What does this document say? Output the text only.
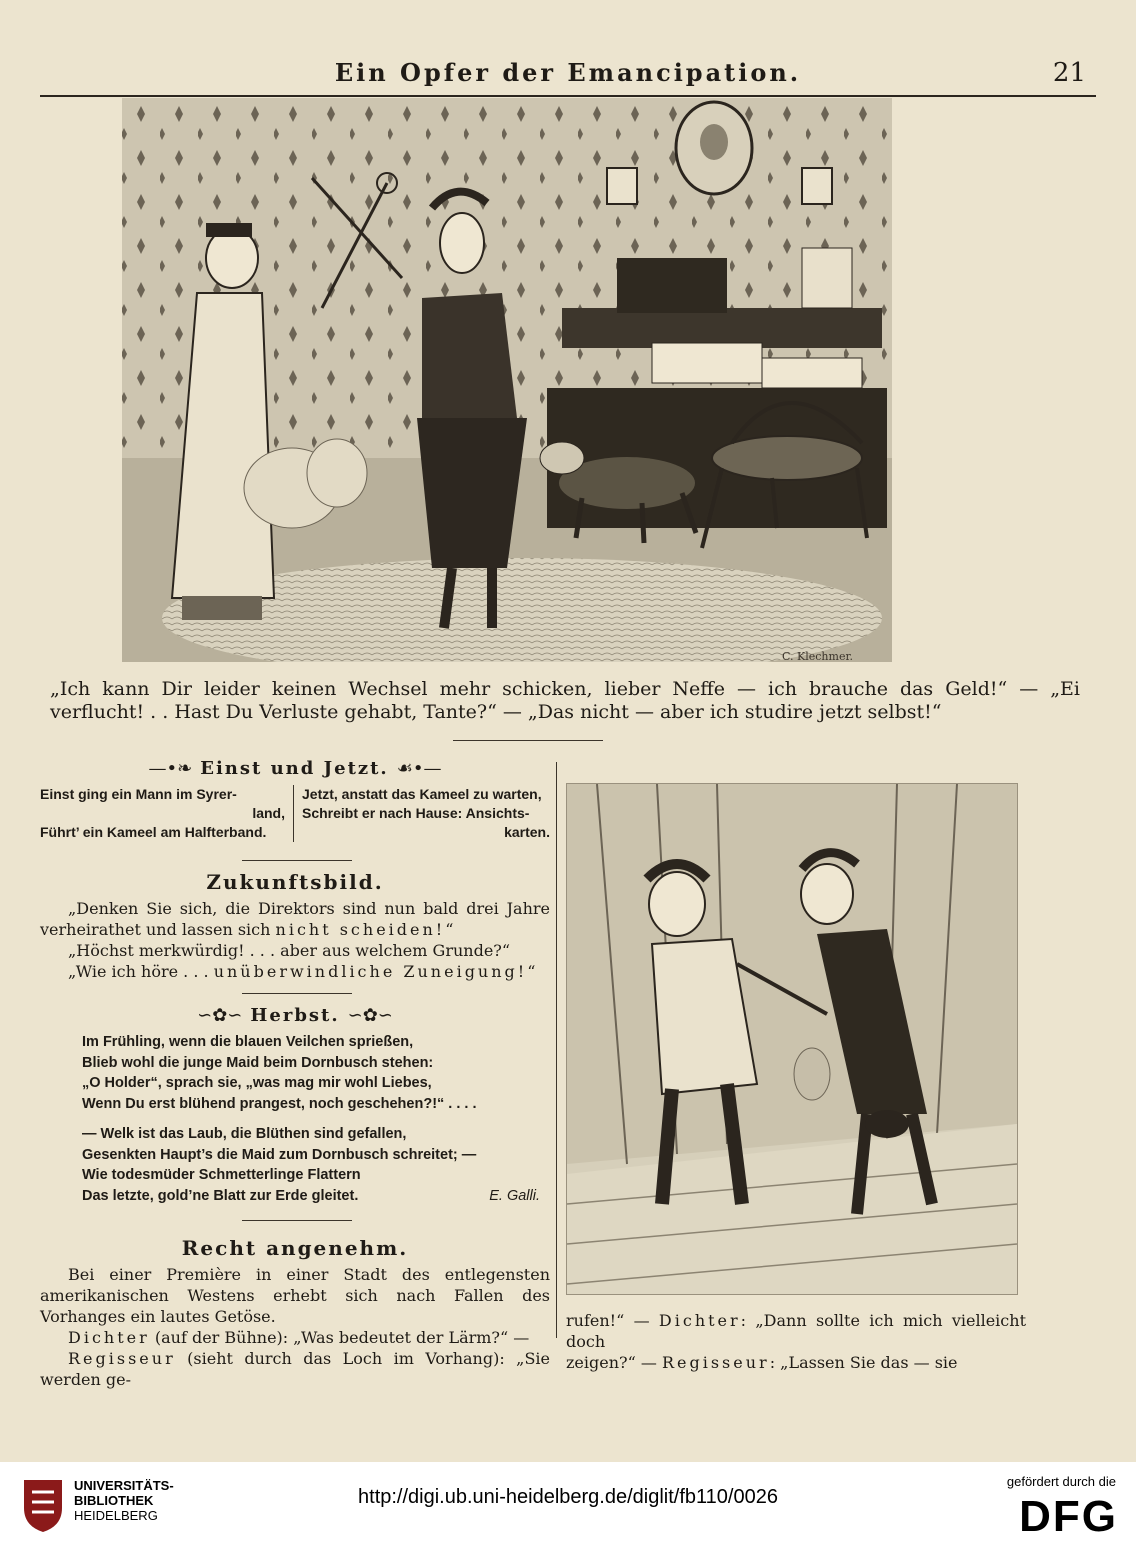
Ein Opfer der Emancipation.	21
C. Klechmer.
„Ich kann Dir leider keinen Wechsel mehr schicken, lieber Neffe — ich brauche das Geld!“ — „Ei verflucht! . . Hast Du Verluste gehabt, Tante?“ — „Das nicht — aber ich studire jetzt selbst!“
—•❧ Einst und Jetzt. ☙•—
Einst ging ein Mann im Syrer-
land,
Führt’ ein Kameel am Halfterband.
Jetzt, anstatt das Kameel zu warten,
Schreibt er nach Hause: Ansichts-
karten.
Zukunftsbild.

„Denken Sie sich, die Direktors sind nun bald drei Jahre verheirathet und lassen sich nicht scheiden!“

„Höchst merkwürdig! . . . aber aus welchem Grunde?“

„Wie ich höre . . . unüberwindliche Zuneigung!“

∽✿∽ Herbst. ∽✿∽

Im Frühling, wenn die blauen Veilchen sprießen,

Blieb wohl die junge Maid beim Dornbusch stehen:

„O Holder“, sprach sie, „was mag mir wohl Liebes,

Wenn Du erst blühend prangest, noch geschehen?!“ . . . .

— Welk ist das Laub, die Blüthen sind gefallen,

Gesenkten Haupt’s die Maid zum Dornbusch schreitet; —

Wie todesmüder Schmetterlinge Flattern

Das letzte, gold’ne Blatt zur Erde gleitet.	E. Galli.
Recht angenehm.

Bei einer Première in einer Stadt des entlegensten amerikanischen Westens erhebt sich nach Fallen des Vorhanges ein lautes Getöse.

Dichter (auf der Bühne): „Was bedeutet der Lärm?“ —

Regisseur (sieht durch das Loch im Vorhang): „Sie werden ge-

rufen!“ — Dichter: „Dann sollte ich mich vielleicht doch

zeigen?“ — Regisseur: „Lassen Sie das — sie

UNIVERSITÄTS-
BIBLIOTHEK
HEIDELBERG
http://digi.ub.uni-heidelberg.de/diglit/fb110/0026
gefördert durch die
DFG
